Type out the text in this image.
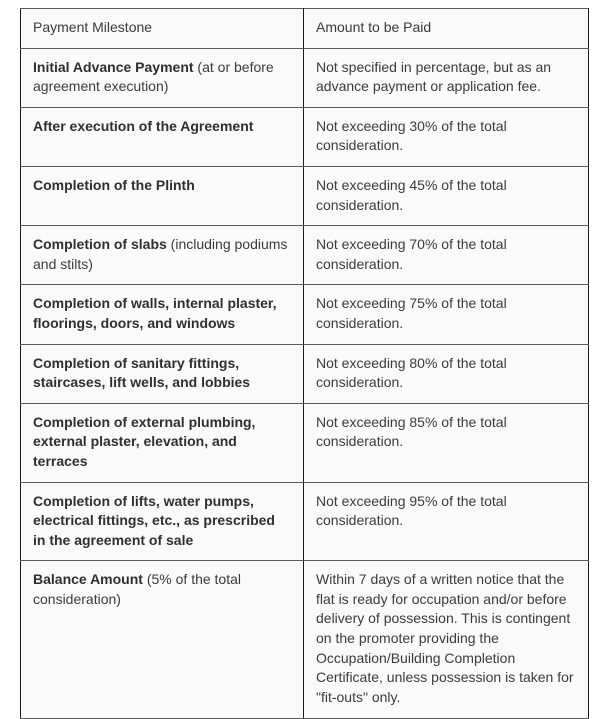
Payment Milestone	Amount to be Paid
Initial Advance Payment (at or before agreement execution)	Not specified in percentage, but as an advance payment or application fee.
After execution of the Agreement	Not exceeding 30% of the total consideration.
Completion of the Plinth	Not exceeding 45% of the total consideration.
Completion of slabs (including podiums and stilts)	Not exceeding 70% of the total consideration.
Completion of walls, internal plaster, floorings, doors, and windows	Not exceeding 75% of the total consideration.
Completion of sanitary fittings, staircases, lift wells, and lobbies	Not exceeding 80% of the total consideration.
Completion of external plumbing, external plaster, elevation, and terraces	Not exceeding 85% of the total consideration.
Completion of lifts, water pumps, electrical fittings, etc., as prescribed in the agreement of sale	Not exceeding 95% of the total consideration.
Balance Amount (5% of the total consideration)	Within 7 days of a written notice that the flat is ready for occupation and/or before delivery of possession. This is contingent on the promoter providing the Occupation/Building Completion Certificate, unless possession is taken for "fit-outs" only.
